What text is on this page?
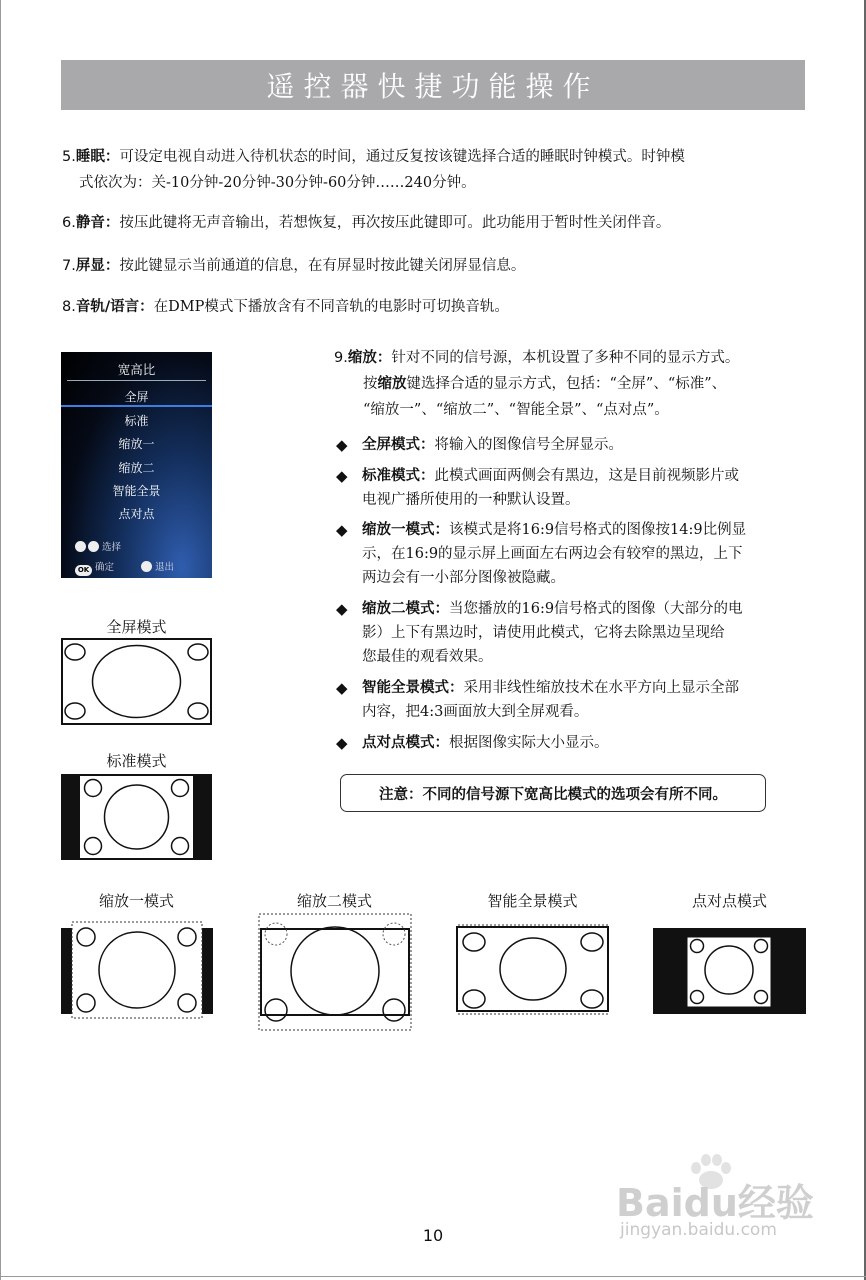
遥控器快捷功能操作
5.睡眠：可设定电视自动进入待机状态的时间，通过反复按该键选择合适的睡眠时钟模式。时钟模
式依次为：关-10分钟-20分钟-30分钟-60分钟……240分钟。
6.静音：按压此键将无声音输出，若想恢复，再次按压此键即可。此功能用于暂时性关闭伴音。
7.屏显：按此键显示当前通道的信息，在有屏显时按此键关闭屏显信息。
8.音轨/语言：在DMP模式下播放含有不同音轨的电影时可切换音轨。
宽高比
全屏
标准
缩放一
缩放二
智能全景
点对点
选择
OK 确定	退出
9.缩放：针对不同的信号源，本机设置了多种不同的显示方式。
按缩放键选择合适的显示方式，包括：“全屏”、“标准”、
“缩放一”、“缩放二”、“智能全景”、“点对点”。
◆ 全屏模式：将输入的图像信号全屏显示。
◆ 标准模式：此模式画面两侧会有黑边，这是目前视频影片或
电视广播所使用的一种默认设置。
◆ 缩放一模式：该模式是将16:9信号格式的图像按14:9比例显
示，在16:9的显示屏上画面左右两边会有较窄的黑边，上下
两边会有一小部分图像被隐藏。
◆ 缩放二模式：当您播放的16:9信号格式的图像（大部分的电
影）上下有黑边时，请使用此模式，它将去除黑边呈现给
您最佳的观看效果。
◆ 智能全景模式：采用非线性缩放技术在水平方向上显示全部
内容，把4:3画面放大到全屏观看。
◆ 点对点模式：根据图像实际大小显示。
注意：不同的信号源下宽高比模式的选项会有所不同。
全屏模式
标准模式
缩放一模式	缩放二模式	智能全景模式	点对点模式
Baidu经验
jingyan.baidu.com
10
